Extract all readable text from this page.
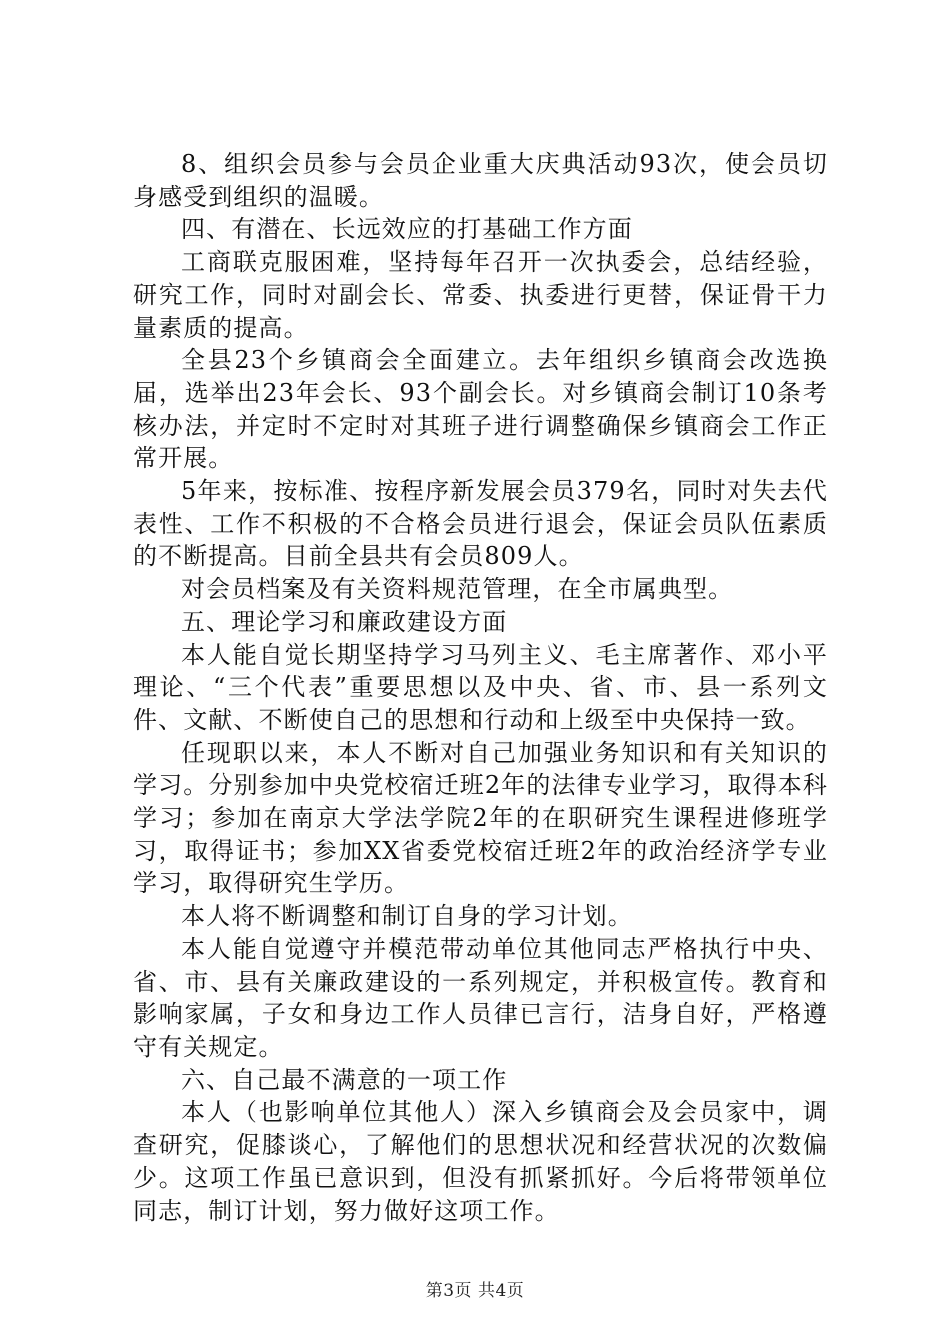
8、组织会员参与会员企业重大庆典活动93次，使会员切身感受到组织的温暖。

四、有潜在、长远效应的打基础工作方面

工商联克服困难，坚持每年召开一次执委会，总结经验，研究工作，同时对副会长、常委、执委进行更替，保证骨干力量素质的提高。

全县23个乡镇商会全面建立。去年组织乡镇商会改选换届，选举出23年会长、93个副会长。对乡镇商会制订10条考核办法，并定时不定时对其班子进行调整确保乡镇商会工作正常开展。

5年来，按标准、按程序新发展会员379名，同时对失去代表性、工作不积极的不合格会员进行退会，保证会员队伍素质的不断提高。目前全县共有会员809人。

对会员档案及有关资料规范管理，在全市属典型。

五、理论学习和廉政建设方面

本人能自觉长期坚持学习马列主义、毛主席著作、邓小平理论、“三个代表”重要思想以及中央、省、市、县一系列文件、文献、不断使自己的思想和行动和上级至中央保持一致。

任现职以来，本人不断对自己加强业务知识和有关知识的学习。分别参加中央党校宿迁班2年的法律专业学习，取得本科学习；参加在南京大学法学院2年的在职研究生课程进修班学习，取得证书；参加XX省委党校宿迁班2年的政治经济学专业学习，取得研究生学历。

本人将不断调整和制订自身的学习计划。

本人能自觉遵守并模范带动单位其他同志严格执行中央、省、市、县有关廉政建设的一系列规定，并积极宣传。教育和影响家属，子女和身边工作人员律已言行，洁身自好，严格遵守有关规定。

六、自己最不满意的一项工作

本人（也影响单位其他人）深入乡镇商会及会员家中，调查研究，促膝谈心，了解他们的思想状况和经营状况的次数偏少。这项工作虽已意识到，但没有抓紧抓好。今后将带领单位同志，制订计划，努力做好这项工作。

第3页 共4页
